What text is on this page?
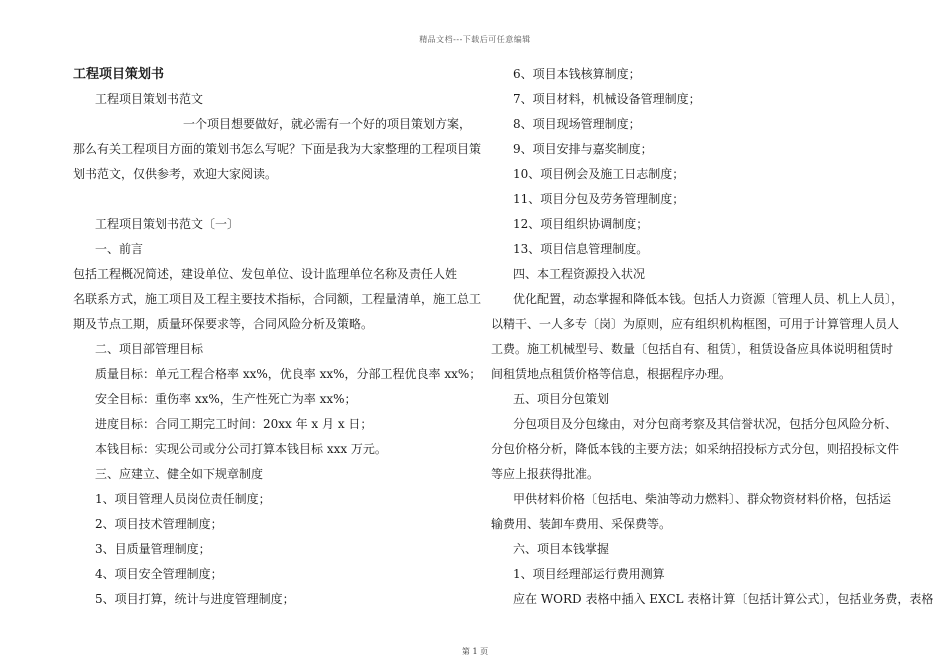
精品文档---下载后可任意编辑
工程项目策划书
工程项目策划书范文
一个项目想要做好，就必需有一个好的项目策划方案，
那么有关工程项目方面的策划书怎么写呢？下面是我为大家整理的工程项目策
划书范文，仅供参考，欢迎大家阅读。
工程项目策划书范文〔一〕
一、前言
包括工程概况简述，建设单位、发包单位、设计监理单位名称及责任人姓
名联系方式，施工项目及工程主要技术指标，合同额，工程量清单，施工总工
期及节点工期，质量环保要求等，合同风险分析及策略。
二、项目部管理目标
质量目标：单元工程合格率 xx%，优良率 xx%，分部工程优良率 xx%；
安全目标：重伤率 xx%，生产性死亡为率 xx%；
进度目标：合同工期完工时间：20xx 年 x 月 x 日；
本钱目标：实现公司或分公司打算本钱目标 xxx 万元。
三、应建立、健全如下规章制度
1、项目管理人员岗位责任制度；
2、项目技术管理制度；
3、目质量管理制度；
4、项目安全管理制度；
5、项目打算，统计与进度管理制度；
6、项目本钱核算制度；
7、项目材料，机械设备管理制度；
8、项目现场管理制度；
9、项目安排与嘉奖制度；
10、项目例会及施工日志制度；
11、项目分包及劳务管理制度；
12、项目组织协调制度；
13、项目信息管理制度。
四、本工程资源投入状况
优化配置，动态掌握和降低本钱。包括人力资源〔管理人员、机上人员〕，
以精干、一人多专〔岗〕为原则，应有组织机构框图，可用于计算管理人员人
工费。施工机械型号、数量〔包括自有、租赁〕，租赁设备应具体说明租赁时
间租赁地点租赁价格等信息，根据程序办理。
五、项目分包策划
分包项目及分包缘由，对分包商考察及其信誉状况，包括分包风险分析、
分包价格分析，降低本钱的主要方法；如采纳招投标方式分包，则招投标文件
等应上报获得批准。
甲供材料价格〔包括电、柴油等动力燃料〕、群众物资材料价格，包括运
输费用、装卸车费用、采保费等。
六、项目本钱掌握
1、项目经理部运行费用测算
应在 WORD 表格中插入 EXCL 表格计算〔包括计算公式〕，包括业务费，表格
第 1 页
